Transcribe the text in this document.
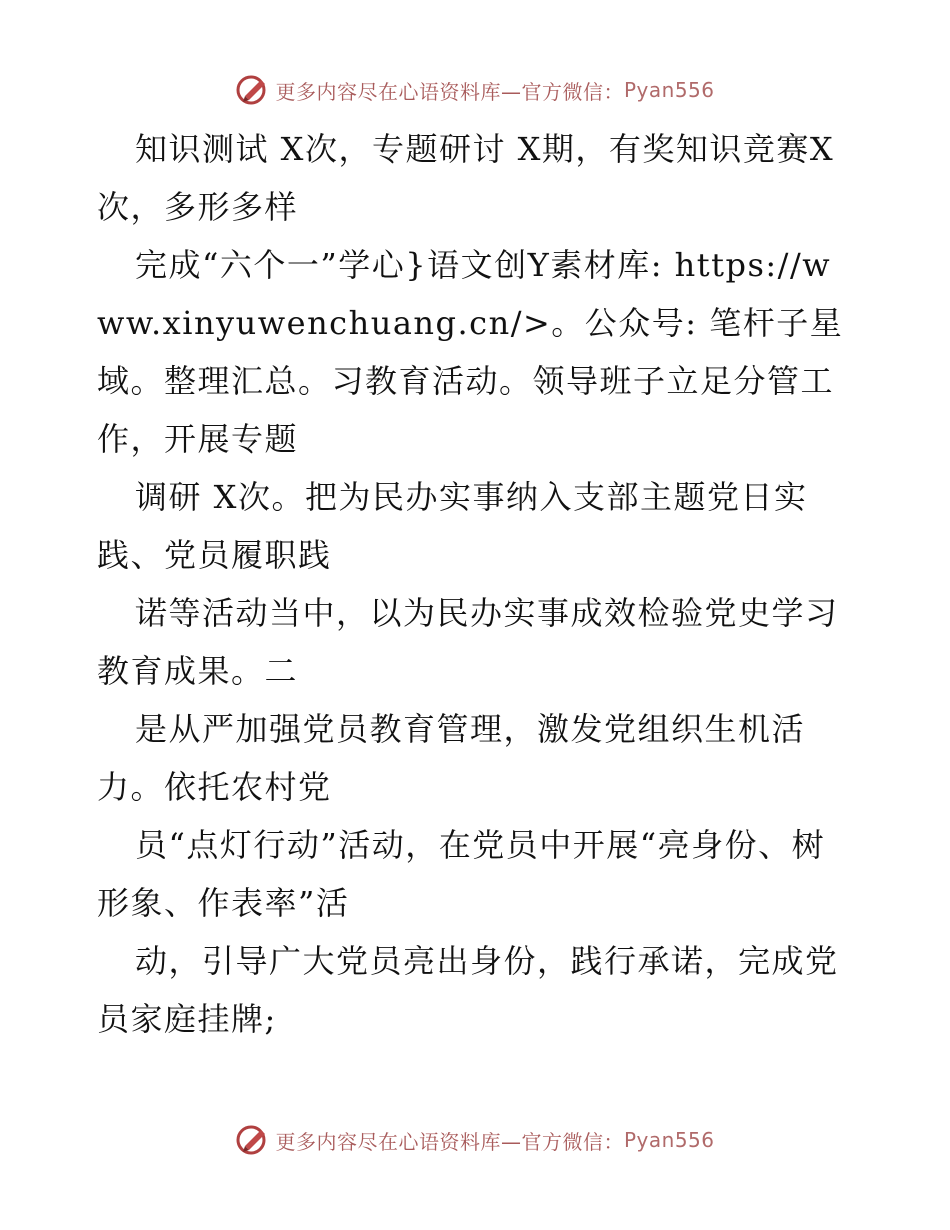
更多内容尽在心语资料库—官方微信： Pyan556

知识测试 X次，专题研讨 X期，有奖知识竞赛X次，多形多样

完成“六个一”学心}语文创Y素材库: https://www.xinyuwenchuang.cn/>。公众号: 笔杆子星域。整理汇总。习教育活动。领导班子立足分管工作，开展专题

调研 X次。把为民办实事纳入支部主题党日实践、党员履职践

诺等活动当中，以为民办实事成效检验党史学习教育成果。二

是从严加强党员教育管理，激发党组织生机活力。依托农村党

员“点灯行动”活动，在党员中开展“亮身份、树形象、作表率”活

动，引导广大党员亮出身份，践行承诺，完成党员家庭挂牌;

更多内容尽在心语资料库—官方微信： Pyan556
